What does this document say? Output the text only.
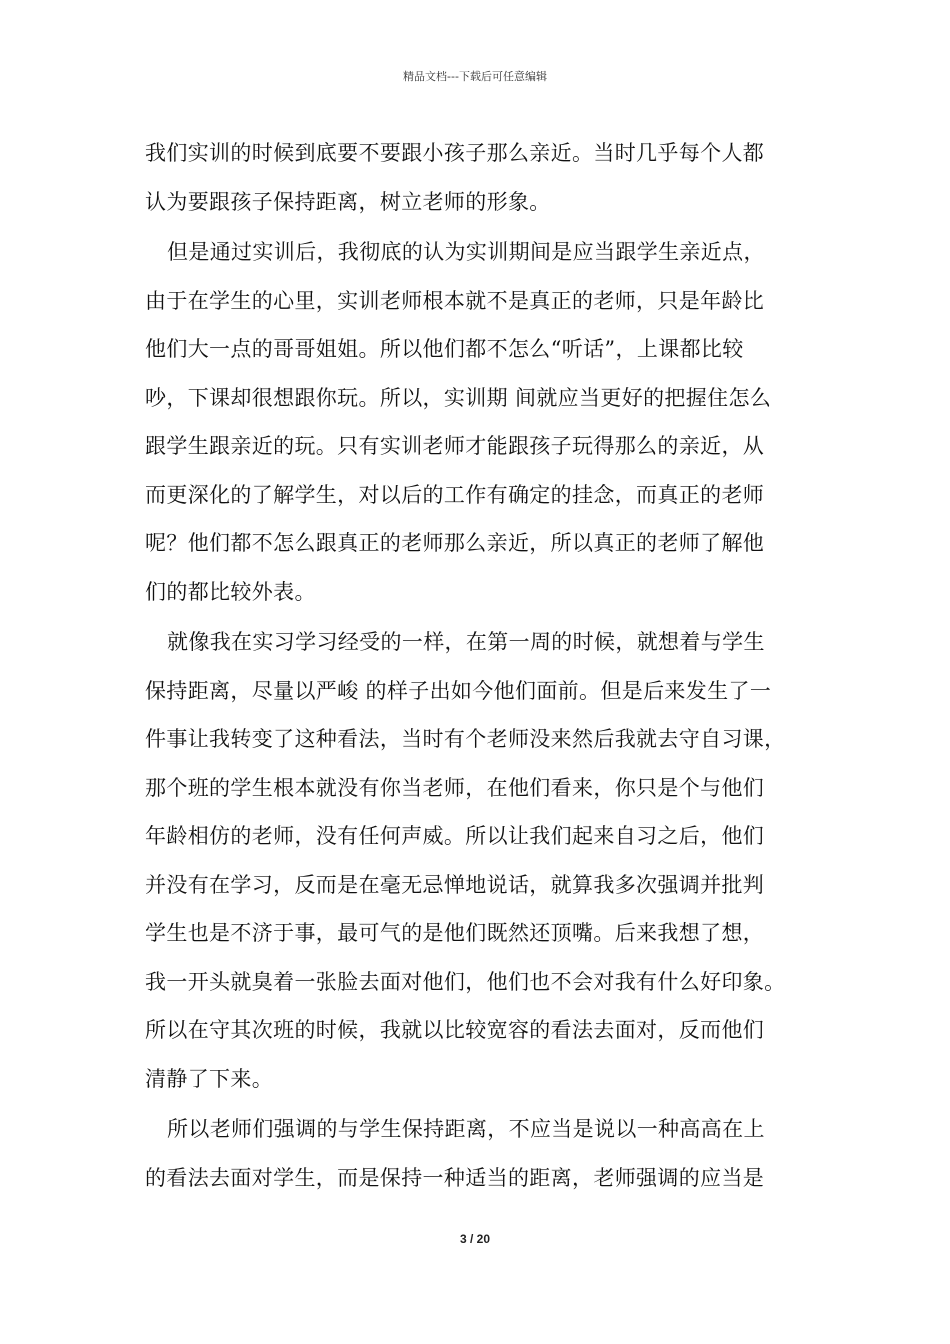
精品文档---下载后可任意编辑
我们实训的时候到底要不要跟小孩子那么亲近。当时几乎每个人都
认为要跟孩子保持距离，树立老师的形象。
但是通过实训后，我彻底的认为实训期间是应当跟学生亲近点，
由于在学生的心里，实训老师根本就不是真正的老师，只是年龄比
他们大一点的哥哥姐姐。所以他们都不怎么“听话”，上课都比较
吵，下课却很想跟你玩。所以，实训期 间就应当更好的把握住怎么
跟学生跟亲近的玩。只有实训老师才能跟孩子玩得那么的亲近，从
而更深化的了解学生，对以后的工作有确定的挂念，而真正的老师
呢？他们都不怎么跟真正的老师那么亲近，所以真正的老师了解他
们的都比较外表。
就像我在实习学习经受的一样，在第一周的时候，就想着与学生
保持距离，尽量以严峻 的样子出如今他们面前。但是后来发生了一
件事让我转变了这种看法，当时有个老师没来然后我就去守自习课，
那个班的学生根本就没有你当老师，在他们看来，你只是个与他们
年龄相仿的老师，没有任何声威。所以让我们起来自习之后，他们
并没有在学习，反而是在毫无忌惮地说话，就算我多次强调并批判
学生也是不济于事，最可气的是他们既然还顶嘴。后来我想了想，
我一开头就臭着一张脸去面对他们，他们也不会对我有什么好印象。
所以在守其次班的时候，我就以比较宽容的看法去面对，反而他们
清静了下来。
所以老师们强调的与学生保持距离，不应当是说以一种高高在上
的看法去面对学生，而是保持一种适当的距离，老师强调的应当是
3 / 20
